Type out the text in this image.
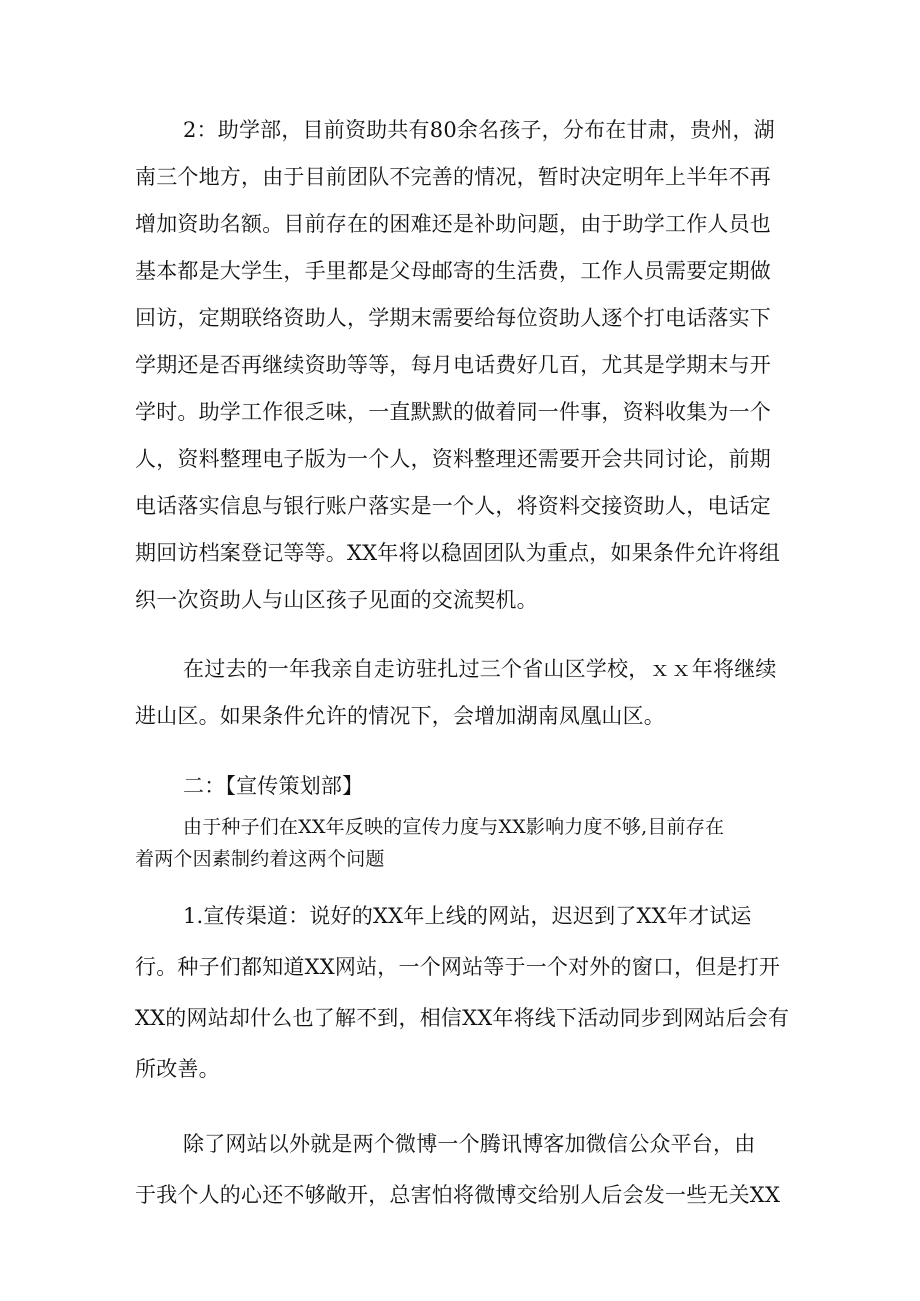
2：助学部，目前资助共有80余名孩子，分布在甘肃，贵州，湖
南三个地方，由于目前团队不完善的情况，暂时决定明年上半年不再
增加资助名额。目前存在的困难还是补助问题，由于助学工作人员也
基本都是大学生，手里都是父母邮寄的生活费，工作人员需要定期做
回访，定期联络资助人，学期末需要给每位资助人逐个打电话落实下
学期还是否再继续资助等等，每月电话费好几百，尤其是学期末与开
学时。助学工作很乏味，一直默默的做着同一件事，资料收集为一个
人，资料整理电子版为一个人，资料整理还需要开会共同讨论，前期
电话落实信息与银行账户落实是一个人，将资料交接资助人，电话定
期回访档案登记等等。XX年将以稳固团队为重点，如果条件允许将组
织一次资助人与山区孩子见面的交流契机。
在过去的一年我亲自走访驻扎过三个省山区学校，ｘｘ年将继续
进山区。如果条件允许的情况下，会增加湖南凤凰山区。
二：【宣传策划部】
由于种子们在XX年反映的宣传力度与XX影响力度不够,目前存在
着两个因素制约着这两个问题
1.宣传渠道：说好的XX年上线的网站，迟迟到了XX年才试运
行。种子们都知道XX网站，一个网站等于一个对外的窗口，但是打开
XX的网站却什么也了解不到，相信XX年将线下活动同步到网站后会有
所改善。
除了网站以外就是两个微博一个腾讯博客加微信公众平台，由
于我个人的心还不够敞开，总害怕将微博交给别人后会发一些无关XX
